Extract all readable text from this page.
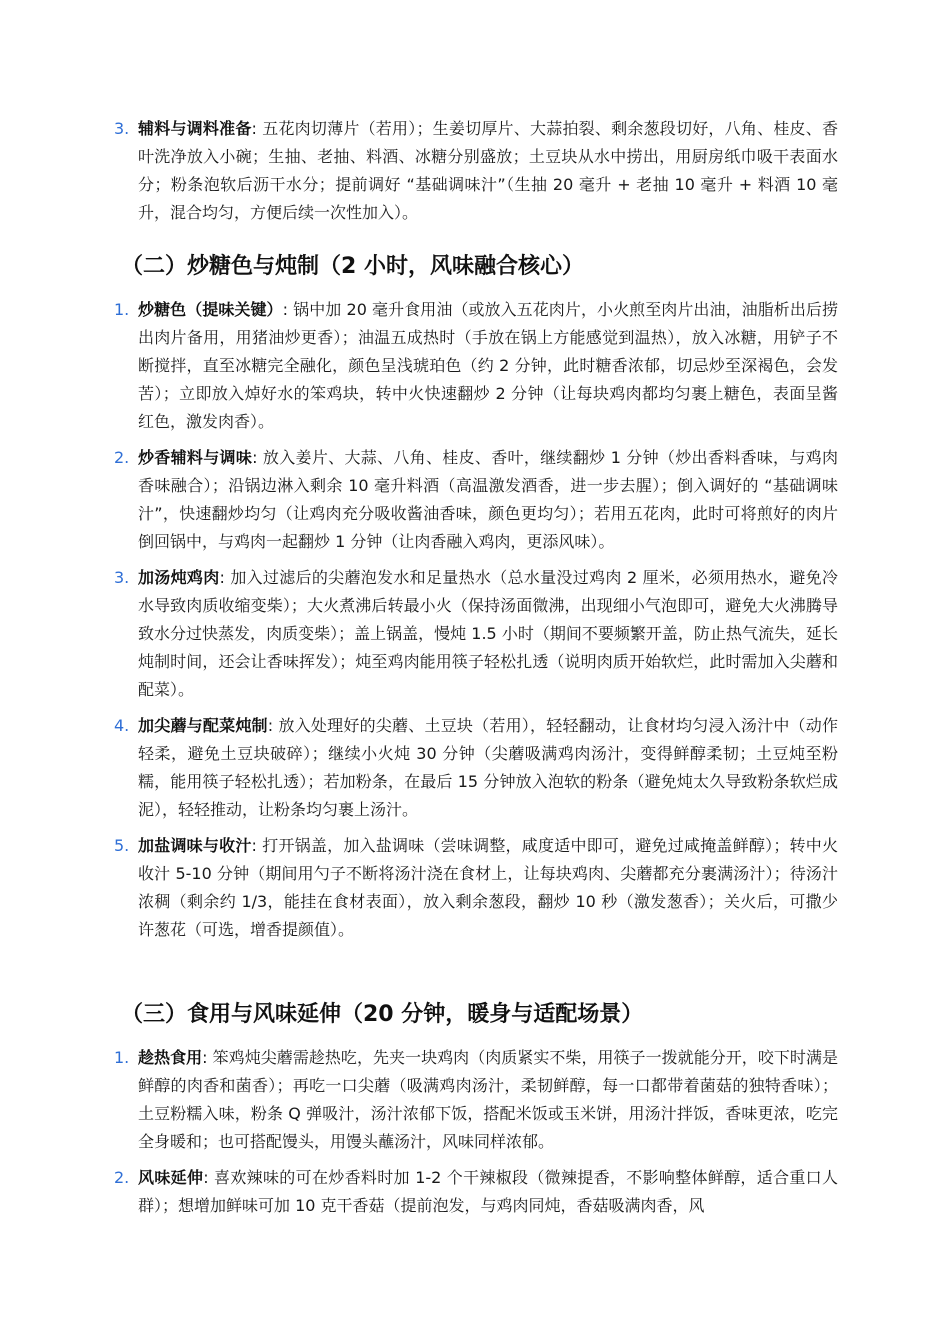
3. 辅料与调料准备: 五花肉切薄片（若用）；生姜切厚片、大蒜拍裂、剩余葱段切好，八角、桂皮、香叶洗净放入小碗；生抽、老抽、料酒、冰糖分别盛放；土豆块从水中捞出，用厨房纸巾吸干表面水分；粉条泡软后沥干水分；提前调好 “基础调味汁”（生抽 20 毫升 + 老抽 10 毫升 + 料酒 10 毫升，混合均匀，方便后续一次性加入）。
（二）炒糖色与炖制（2 小时，风味融合核心）
1. 炒糖色（提味关键）: 锅中加 20 毫升食用油（或放入五花肉片，小火煎至肉片出油，油脂析出后捞出肉片备用，用猪油炒更香）；油温五成热时（手放在锅上方能感觉到温热），放入冰糖，用铲子不断搅拌，直至冰糖完全融化，颜色呈浅琥珀色（约 2 分钟，此时糖香浓郁，切忌炒至深褐色，会发苦）；立即放入焯好水的笨鸡块，转中火快速翻炒 2 分钟（让每块鸡肉都均匀裹上糖色，表面呈酱红色，激发肉香）。
2. 炒香辅料与调味: 放入姜片、大蒜、八角、桂皮、香叶，继续翻炒 1 分钟（炒出香料香味，与鸡肉香味融合）；沿锅边淋入剩余 10 毫升料酒（高温激发酒香，进一步去腥）；倒入调好的 “基础调味汁”，快速翻炒均匀（让鸡肉充分吸收酱油香味，颜色更均匀）；若用五花肉，此时可将煎好的肉片倒回锅中，与鸡肉一起翻炒 1 分钟（让肉香融入鸡肉，更添风味）。
3. 加汤炖鸡肉: 加入过滤后的尖蘑泡发水和足量热水（总水量没过鸡肉 2 厘米，必须用热水，避免冷水导致肉质收缩变柴）；大火煮沸后转最小火（保持汤面微沸，出现细小气泡即可，避免大火沸腾导致水分过快蒸发，肉质变柴）；盖上锅盖，慢炖 1.5 小时（期间不要频繁开盖，防止热气流失，延长炖制时间，还会让香味挥发）；炖至鸡肉能用筷子轻松扎透（说明肉质开始软烂，此时需加入尖蘑和配菜）。
4. 加尖蘑与配菜炖制: 放入处理好的尖蘑、土豆块（若用），轻轻翻动，让食材均匀浸入汤汁中（动作轻柔，避免土豆块破碎）；继续小火炖 30 分钟（尖蘑吸满鸡肉汤汁，变得鲜醇柔韧；土豆炖至粉糯，能用筷子轻松扎透）；若加粉条，在最后 15 分钟放入泡软的粉条（避免炖太久导致粉条软烂成泥），轻轻推动，让粉条均匀裹上汤汁。
5. 加盐调味与收汁: 打开锅盖，加入盐调味（尝味调整，咸度适中即可，避免过咸掩盖鲜醇）；转中火收汁 5-10 分钟（期间用勺子不断将汤汁浇在食材上，让每块鸡肉、尖蘑都充分裹满汤汁）；待汤汁浓稠（剩余约 1/3，能挂在食材表面），放入剩余葱段，翻炒 10 秒（激发葱香）；关火后，可撒少许葱花（可选，增香提颜值）。
（三）食用与风味延伸（20 分钟，暖身与适配场景）
1. 趁热食用: 笨鸡炖尖蘑需趁热吃，先夹一块鸡肉（肉质紧实不柴，用筷子一拨就能分开，咬下时满是鲜醇的肉香和菌香）；再吃一口尖蘑（吸满鸡肉汤汁，柔韧鲜醇，每一口都带着菌菇的独特香味）；土豆粉糯入味，粉条 Q 弹吸汁，汤汁浓郁下饭，搭配米饭或玉米饼，用汤汁拌饭，香味更浓，吃完全身暖和；也可搭配馒头，用馒头蘸汤汁，风味同样浓郁。
2. 风味延伸: 喜欢辣味的可在炒香料时加 1-2 个干辣椒段（微辣提香，不影响整体鲜醇，适合重口人群）；想增加鲜味可加 10 克干香菇（提前泡发，与鸡肉同炖，香菇吸满肉香，风
